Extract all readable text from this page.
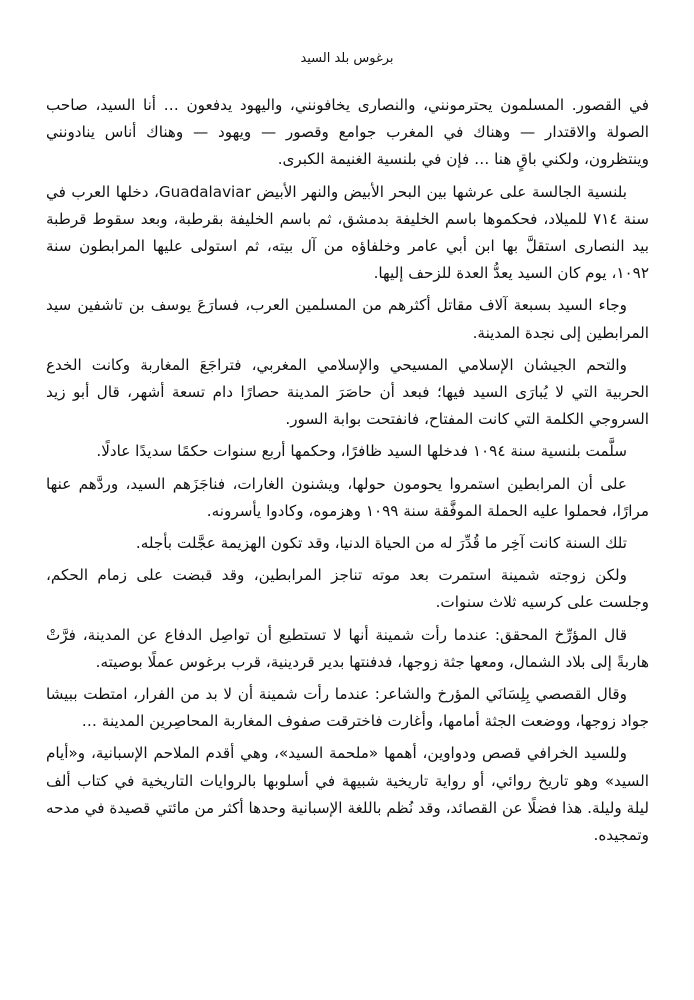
برغوس بلد السيد

في القصور. المسلمون يحترمونني، والنصارى يخافونني، واليهود يدفعون … أنا السيد، صاحب الصولة والاقتدار — وهناك في المغرب جوامع وقصور — ويهود — وهناك أناس ينادونني وينتظرون، ولكني باقٍ هنا … فإن في بلنسية الغنيمة الكبرى.

بلنسية الجالسة على عرشها بين البحر الأبيض والنهر الأبيض Guadalaviar، دخلها العرب في سنة ٧١٤ للميلاد، فحكموها باسم الخليفة بدمشق، ثم باسم الخليفة بقرطبة، وبعد سقوط قرطبة بيد النصارى استقلَّ بها ابن أبي عامر وخلفاؤه من آل بيته، ثم استولى عليها المرابطون سنة ١٠٩٢، يوم كان السيد يعدُّ العدة للزحف إليها.

وجاء السيد بسبعة آلاف مقاتل أكثرهم من المسلمين العرب، فسارَعَ يوسف بن تاشفين سيد المرابطين إلى نجدة المدينة.

والتحم الجيشان الإسلامي المسيحي والإسلامي المغربي، فتراجَعَ المغاربة وكانت الخدع الحربية التي لا يُبارَى السيد فيها؛ فبعد أن حاصَرَ المدينة حصارًا دام تسعة أشهر، قال أبو زيد السروجي الكلمة التي كانت المفتاح، فانفتحت بوابة السور.

سلَّمت بلنسية سنة ١٠٩٤ فدخلها السيد ظافرًا، وحكمها أربع سنوات حكمًا سديدًا عادلًا.

على أن المرابطين استمروا يحومون حولها، ويشنون الغارات، فناجَزَهم السيد، وردَّهم عنها مرارًا، فحملوا عليه الحملة الموفَّقة سنة ١٠٩٩ وهزموه، وكادوا يأسرونه.

تلك السنة كانت آخِر ما قُدِّرَ له من الحياة الدنيا، وقد تكون الهزيمة عجَّلت بأجله.

ولكن زوجته شمينة استمرت بعد موته تناجز المرابطين، وقد قبضت على زمام الحكم، وجلست على كرسيه ثلاث سنوات.

قال المؤرِّخ المحقق: عندما رأت شمينة أنها لا تستطيع أن تواصِل الدفاع عن المدينة، فرَّتْ هاربةً إلى بلاد الشمال، ومعها جثة زوجها، فدفنتها بدير قردينية، قرب برغوس عملًا بوصيته.

وقال القصصي بِلِسَانَي المؤرخ والشاعر: عندما رأت شمينة أن لا بد من الفرار، امتطت ببيشا جواد زوجها، ووضعت الجثة أمامها، وأغارت فاخترقت صفوف المغاربة المحاصِرين المدينة …

وللسيد الخرافي قصص ودواوين، أهمها «ملحمة السيد»، وهي أقدم الملاحم الإسبانية، و«أيام السيد» وهو تاريخ روائي، أو رواية تاريخية شبيهة في أسلوبها بالروايات التاريخية في كتاب ألف ليلة وليلة. هذا فضلًا عن القصائد، وقد نُظم باللغة الإسبانية وحدها أكثر من مائتي قصيدة في مدحه وتمجيده.
